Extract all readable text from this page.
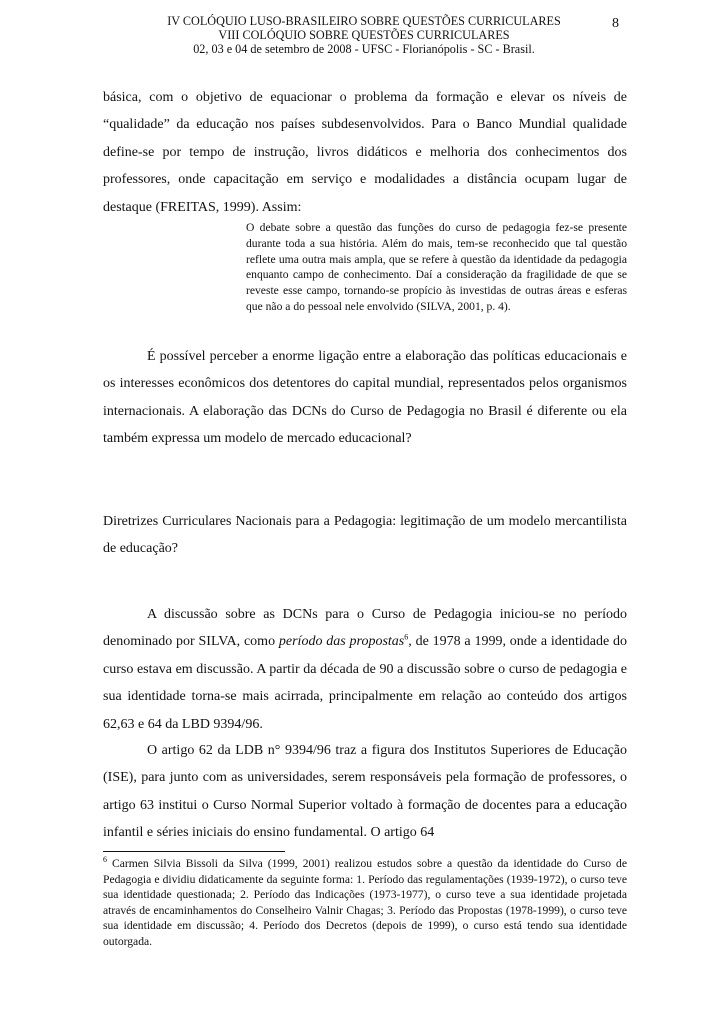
IV COLÓQUIO LUSO-BRASILEIRO SOBRE QUESTÕES CURRICULARES
VIII COLÓQUIO SOBRE QUESTÕES CURRICULARES
02, 03 e 04 de setembro de 2008 - UFSC - Florianópolis - SC - Brasil.
8

básica, com o objetivo de equacionar o problema da formação e elevar os níveis de “qualidade” da educação nos países subdesenvolvidos. Para o Banco Mundial qualidade define-se por tempo de instrução, livros didáticos e melhoria dos conhecimentos dos professores, onde capacitação em serviço e modalidades a distância ocupam lugar de destaque (FREITAS, 1999). Assim:

O debate sobre a questão das funções do curso de pedagogia fez-se presente durante toda a sua história. Além do mais, tem-se reconhecido que tal questão reflete uma outra mais ampla, que se refere à questão da identidade da pedagogia enquanto campo de conhecimento. Daí a consideração da fragilidade de que se reveste esse campo, tornando-se propício às investidas de outras áreas e esferas que não a do pessoal nele envolvido (SILVA, 2001, p. 4).

É possível perceber a enorme ligação entre a elaboração das políticas educacionais e os interesses econômicos dos detentores do capital mundial, representados pelos organismos internacionais. A elaboração das DCNs do Curso de Pedagogia no Brasil é diferente ou ela também expressa um modelo de mercado educacional?

Diretrizes Curriculares Nacionais para a Pedagogia: legitimação de um modelo mercantilista de educação?

A discussão sobre as DCNs para o Curso de Pedagogia iniciou-se no período denominado por SILVA, como período das propostas$^6$, de 1978 a 1999, onde a identidade do curso estava em discussão. A partir da década de 90 a discussão sobre o curso de pedagogia e sua identidade torna-se mais acirrada, principalmente em relação ao conteúdo dos artigos 62,63 e 64 da LBD 9394/96.

O artigo 62 da LDB n° 9394/96 traz a figura dos Institutos Superiores de Educação (ISE), para junto com as universidades, serem responsáveis pela formação de professores, o artigo 63 institui o Curso Normal Superior voltado à formação de docentes para a educação infantil e séries iniciais do ensino fundamental. O artigo 64

$^6$ Carmen Silvia Bissoli da Silva (1999, 2001) realizou estudos sobre a questão da identidade do Curso de Pedagogia e dividiu didaticamente da seguinte forma: 1. Período das regulamentações (1939-1972), o curso teve sua identidade questionada; 2. Período das Indicações (1973-1977), o curso teve a sua identidade projetada através de encaminhamentos do Conselheiro Valnir Chagas; 3. Período das Propostas (1978-1999), o curso teve sua identidade em discussão; 4. Período dos Decretos (depois de 1999), o curso está tendo sua identidade outorgada.
